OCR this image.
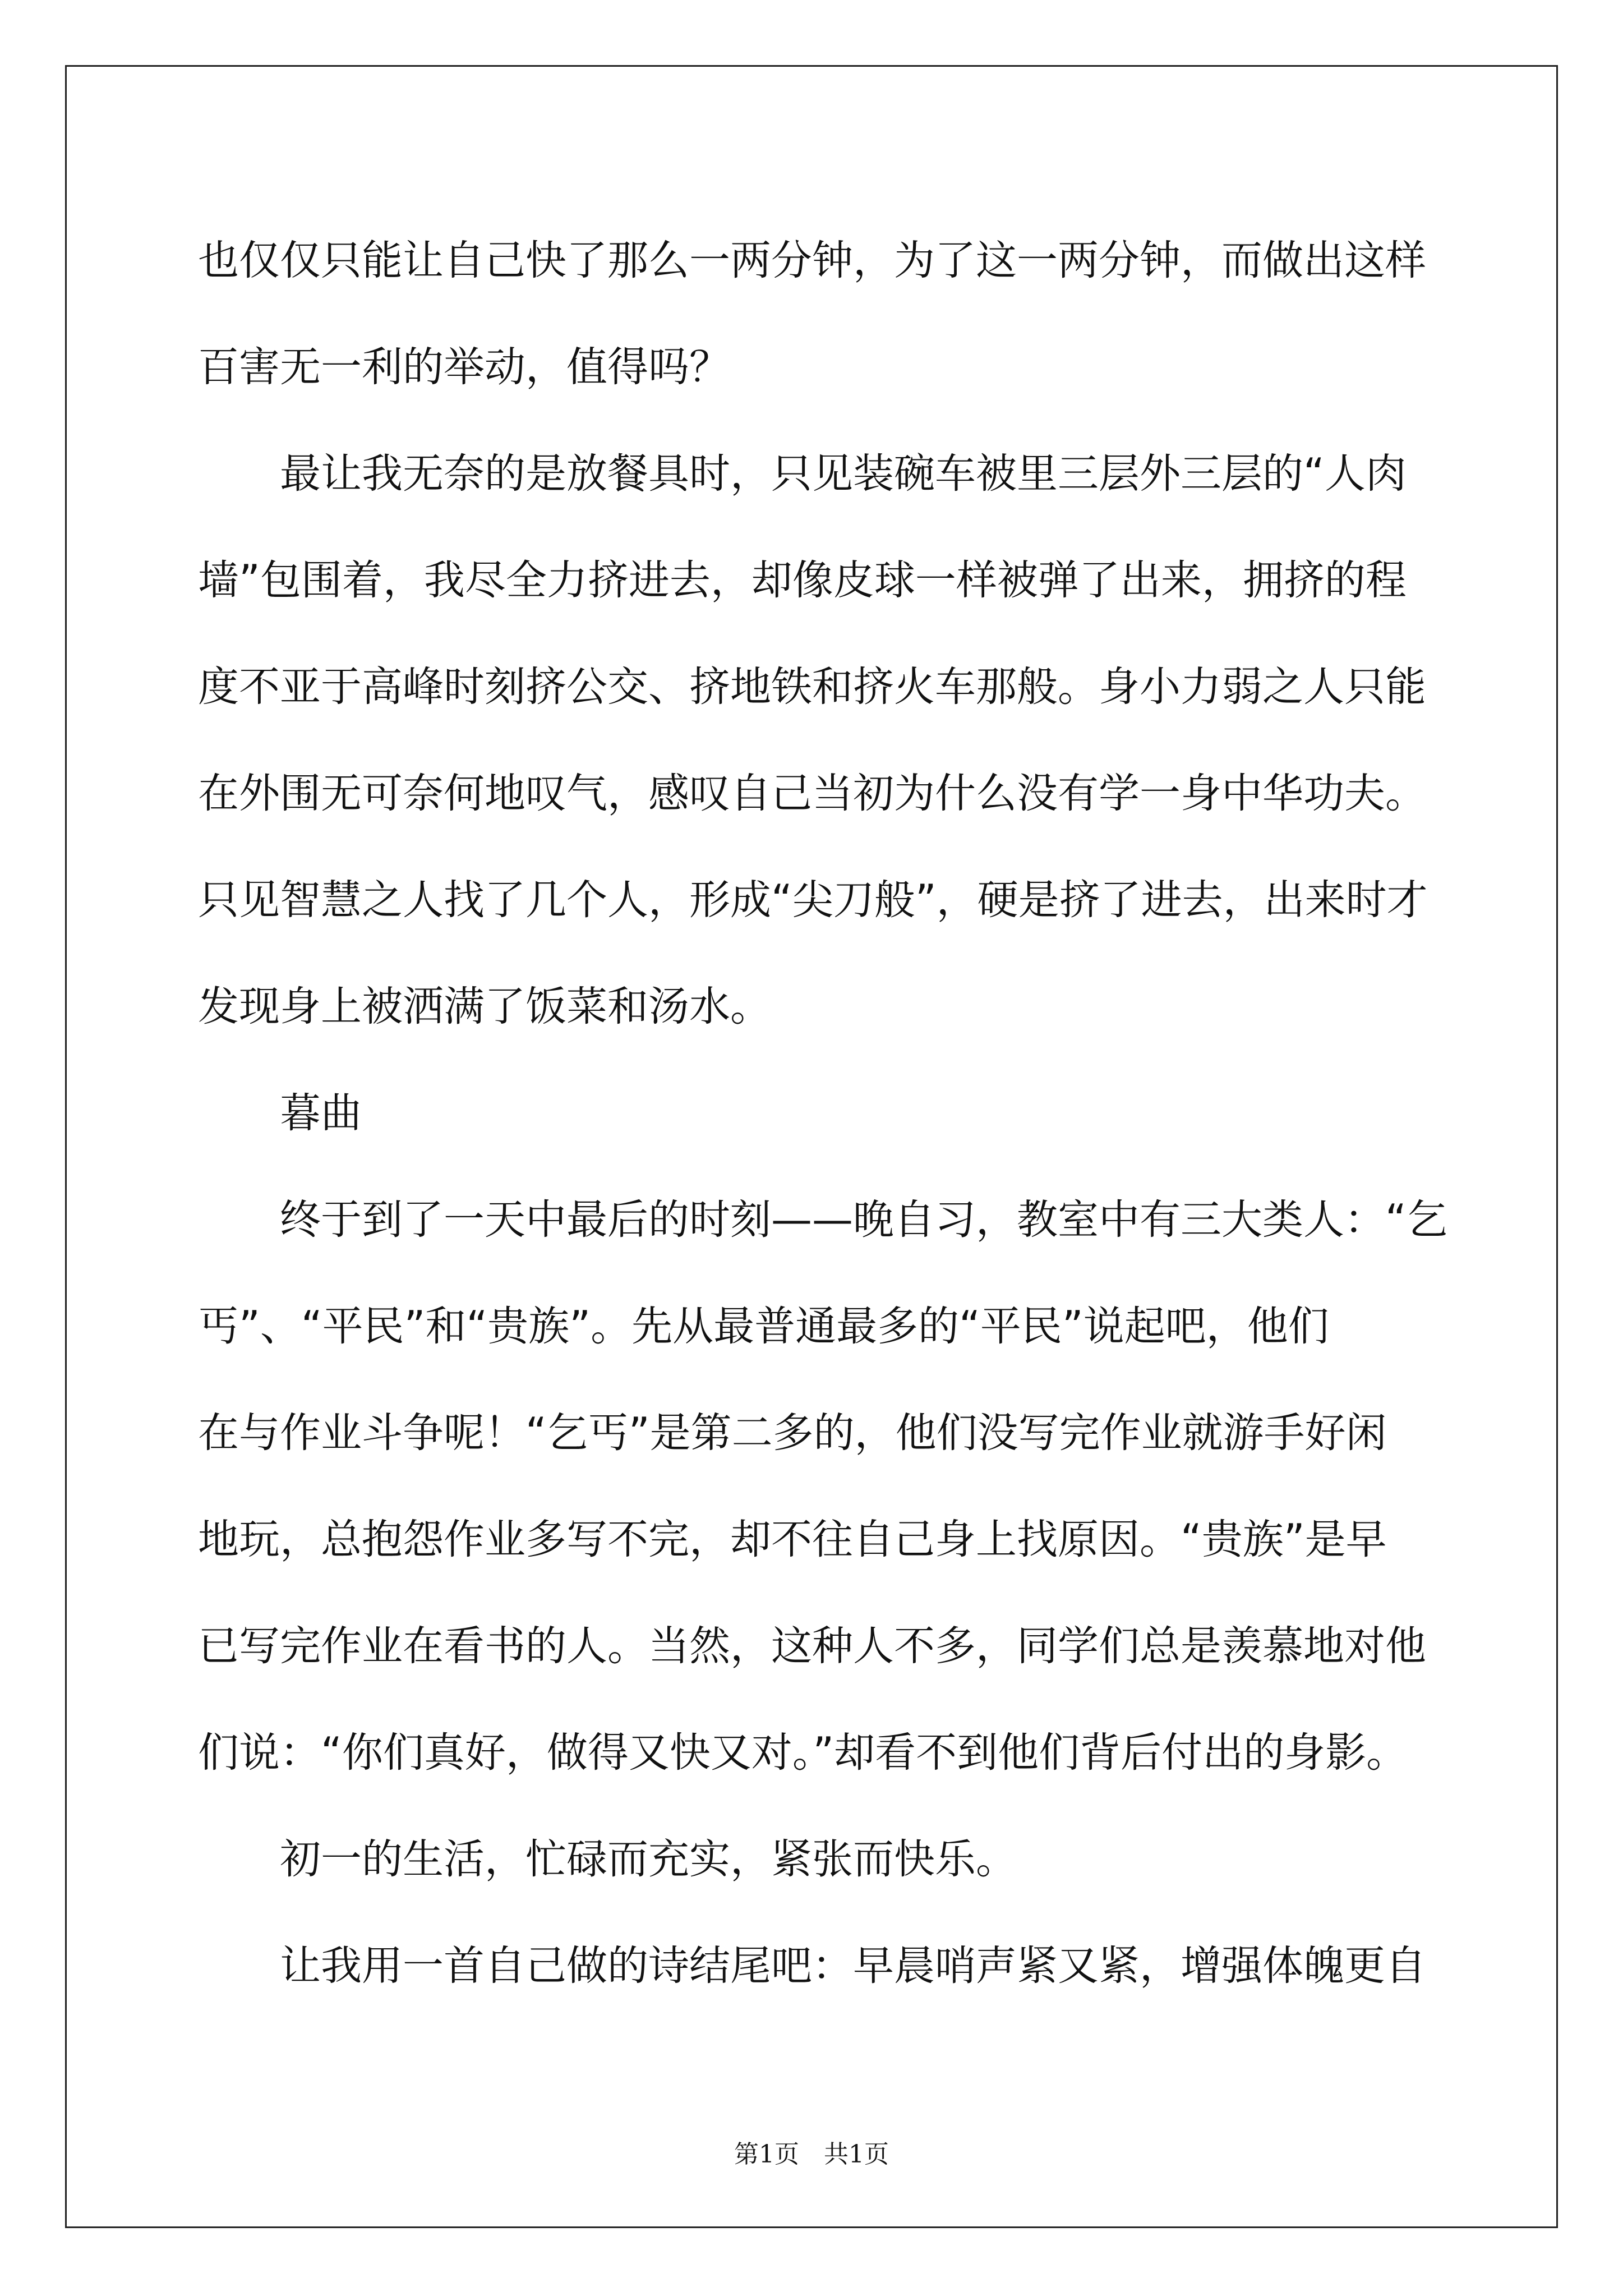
也仅仅只能让自己快了那么一两分钟，为了这一两分钟，而做出这样
百害无一利的举动，值得吗？
　　最让我无奈的是放餐具时，只见装碗车被里三层外三层的“人肉
墙”包围着，我尽全力挤进去，却像皮球一样被弹了出来，拥挤的程
度不亚于高峰时刻挤公交、挤地铁和挤火车那般。身小力弱之人只能
在外围无可奈何地叹气，感叹自己当初为什么没有学一身中华功夫。
只见智慧之人找了几个人，形成“尖刀般”，硬是挤了进去，出来时才
发现身上被洒满了饭菜和汤水。
　　暮曲
　　终于到了一天中最后的时刻——晚自习，教室中有三大类人：“乞
丐”、“平民”和“贵族”。先从最普通最多的“平民”说起吧，他们
在与作业斗争呢！“乞丐”是第二多的，他们没写完作业就游手好闲
地玩，总抱怨作业多写不完，却不往自己身上找原因。“贵族”是早
已写完作业在看书的人。当然，这种人不多，同学们总是羡慕地对他
们说：“你们真好，做得又快又对。”却看不到他们背后付出的身影。
　　初一的生活，忙碌而充实，紧张而快乐。
　　让我用一首自己做的诗结尾吧：早晨哨声紧又紧，增强体魄更自
第1页　共1页
